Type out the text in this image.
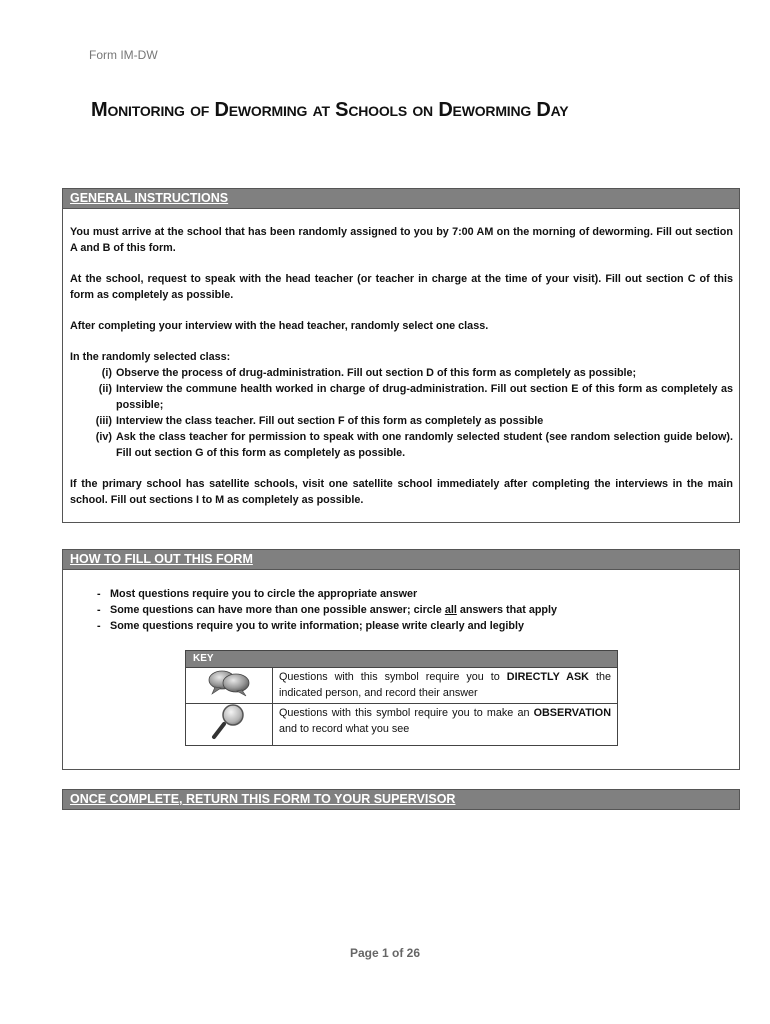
Form IM-DW
Monitoring of Deworming at Schools on Deworming Day
GENERAL INSTRUCTIONS

You must arrive at the school that has been randomly assigned to you by 7:00 AM on the morning of deworming. Fill out section A and B of this form.

At the school, request to speak with the head teacher (or teacher in charge at the time of your visit). Fill out section C of this form as completely as possible.

After completing your interview with the head teacher, randomly select one class.

In the randomly selected class:
(i) Observe the process of drug-administration. Fill out section D of this form as completely as possible;
(ii) Interview the commune health worked in charge of drug-administration. Fill out section E of this form as completely as possible;
(iii) Interview the class teacher. Fill out section F of this form as completely as possible
(iv) Ask the class teacher for permission to speak with one randomly selected student (see random selection guide below). Fill out section G of this form as completely as possible.

If the primary school has satellite schools, visit one satellite school immediately after completing the interviews in the main school. Fill out sections I to M as completely as possible.

HOW TO FILL OUT THIS FORM
- Most questions require you to circle the appropriate answer
- Some questions can have more than one possible answer; circle all answers that apply
- Some questions require you to write information; please write clearly and legibly
KEY	
	Questions with this symbol require you to DIRECTLY ASK the indicated person, and record their answer
	Questions with this symbol require you to make an OBSERVATION and to record what you see
ONCE COMPLETE, RETURN THIS FORM TO YOUR SUPERVISOR
Page 1 of 26
